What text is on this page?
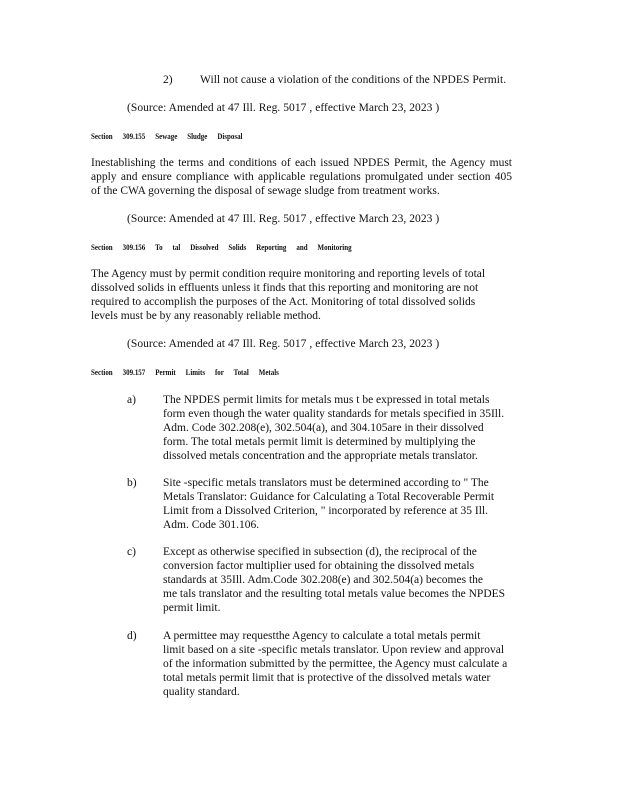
2) Will not cause a violation of the conditions of the NPDES Permit.
(Source: Amended at 47 Ill. Reg. 5017 , effective March 23, 2023 )
Section 309.155 Sewage Sludge Disposal
Inestablishing the terms and conditions of each issued NPDES Permit, the Agency must
apply and ensure compliance with applicable regulations promulgated under section 405
of the CWA governing the disposal of sewage sludge from treatment works.
(Source: Amended at 47 Ill. Reg. 5017 , effective March 23, 2023 )
Section 309.156 To tal Dissolved Solids Reporting and Monitoring
The Agency must by permit condition require monitoring and reporting levels of total
dissolved solids in effluents unless it finds that this reporting and monitoring are not
required to accomplish the purposes of the Act. Monitoring of total dissolved solids
levels must be by any reasonably reliable method.
(Source: Amended at 47 Ill. Reg. 5017 , effective March 23, 2023 )
Section 309.157 Permit Limits for Total Metals
a) The NPDES permit limits for metals mus t be expressed in total metals
form even though the water quality standards for metals specified in 35Ill.
Adm. Code 302.208(e), 302.504(a), and 304.105are in their dissolved
form. The total metals permit limit is determined by multiplying the
dissolved metals concentration and the appropriate metals translator.
b) Site -specific metals translators must be determined according to " The
Metals Translator: Guidance for Calculating a Total Recoverable Permit
Limit from a Dissolved Criterion, " incorporated by reference at 35 Ill.
Adm. Code 301.106.
c) Except as otherwise specified in subsection (d), the reciprocal of the
conversion factor multiplier used for obtaining the dissolved metals
standards at 35Ill. Adm.Code 302.208(e) and 302.504(a) becomes the
me tals translator and the resulting total metals value becomes the NPDES
permit limit.
d) A permittee may requestthe Agency to calculate a total metals permit
limit based on a site -specific metals translator. Upon review and approval
of the information submitted by the permittee, the Agency must calculate a
total metals permit limit that is protective of the dissolved metals water
quality standard.
